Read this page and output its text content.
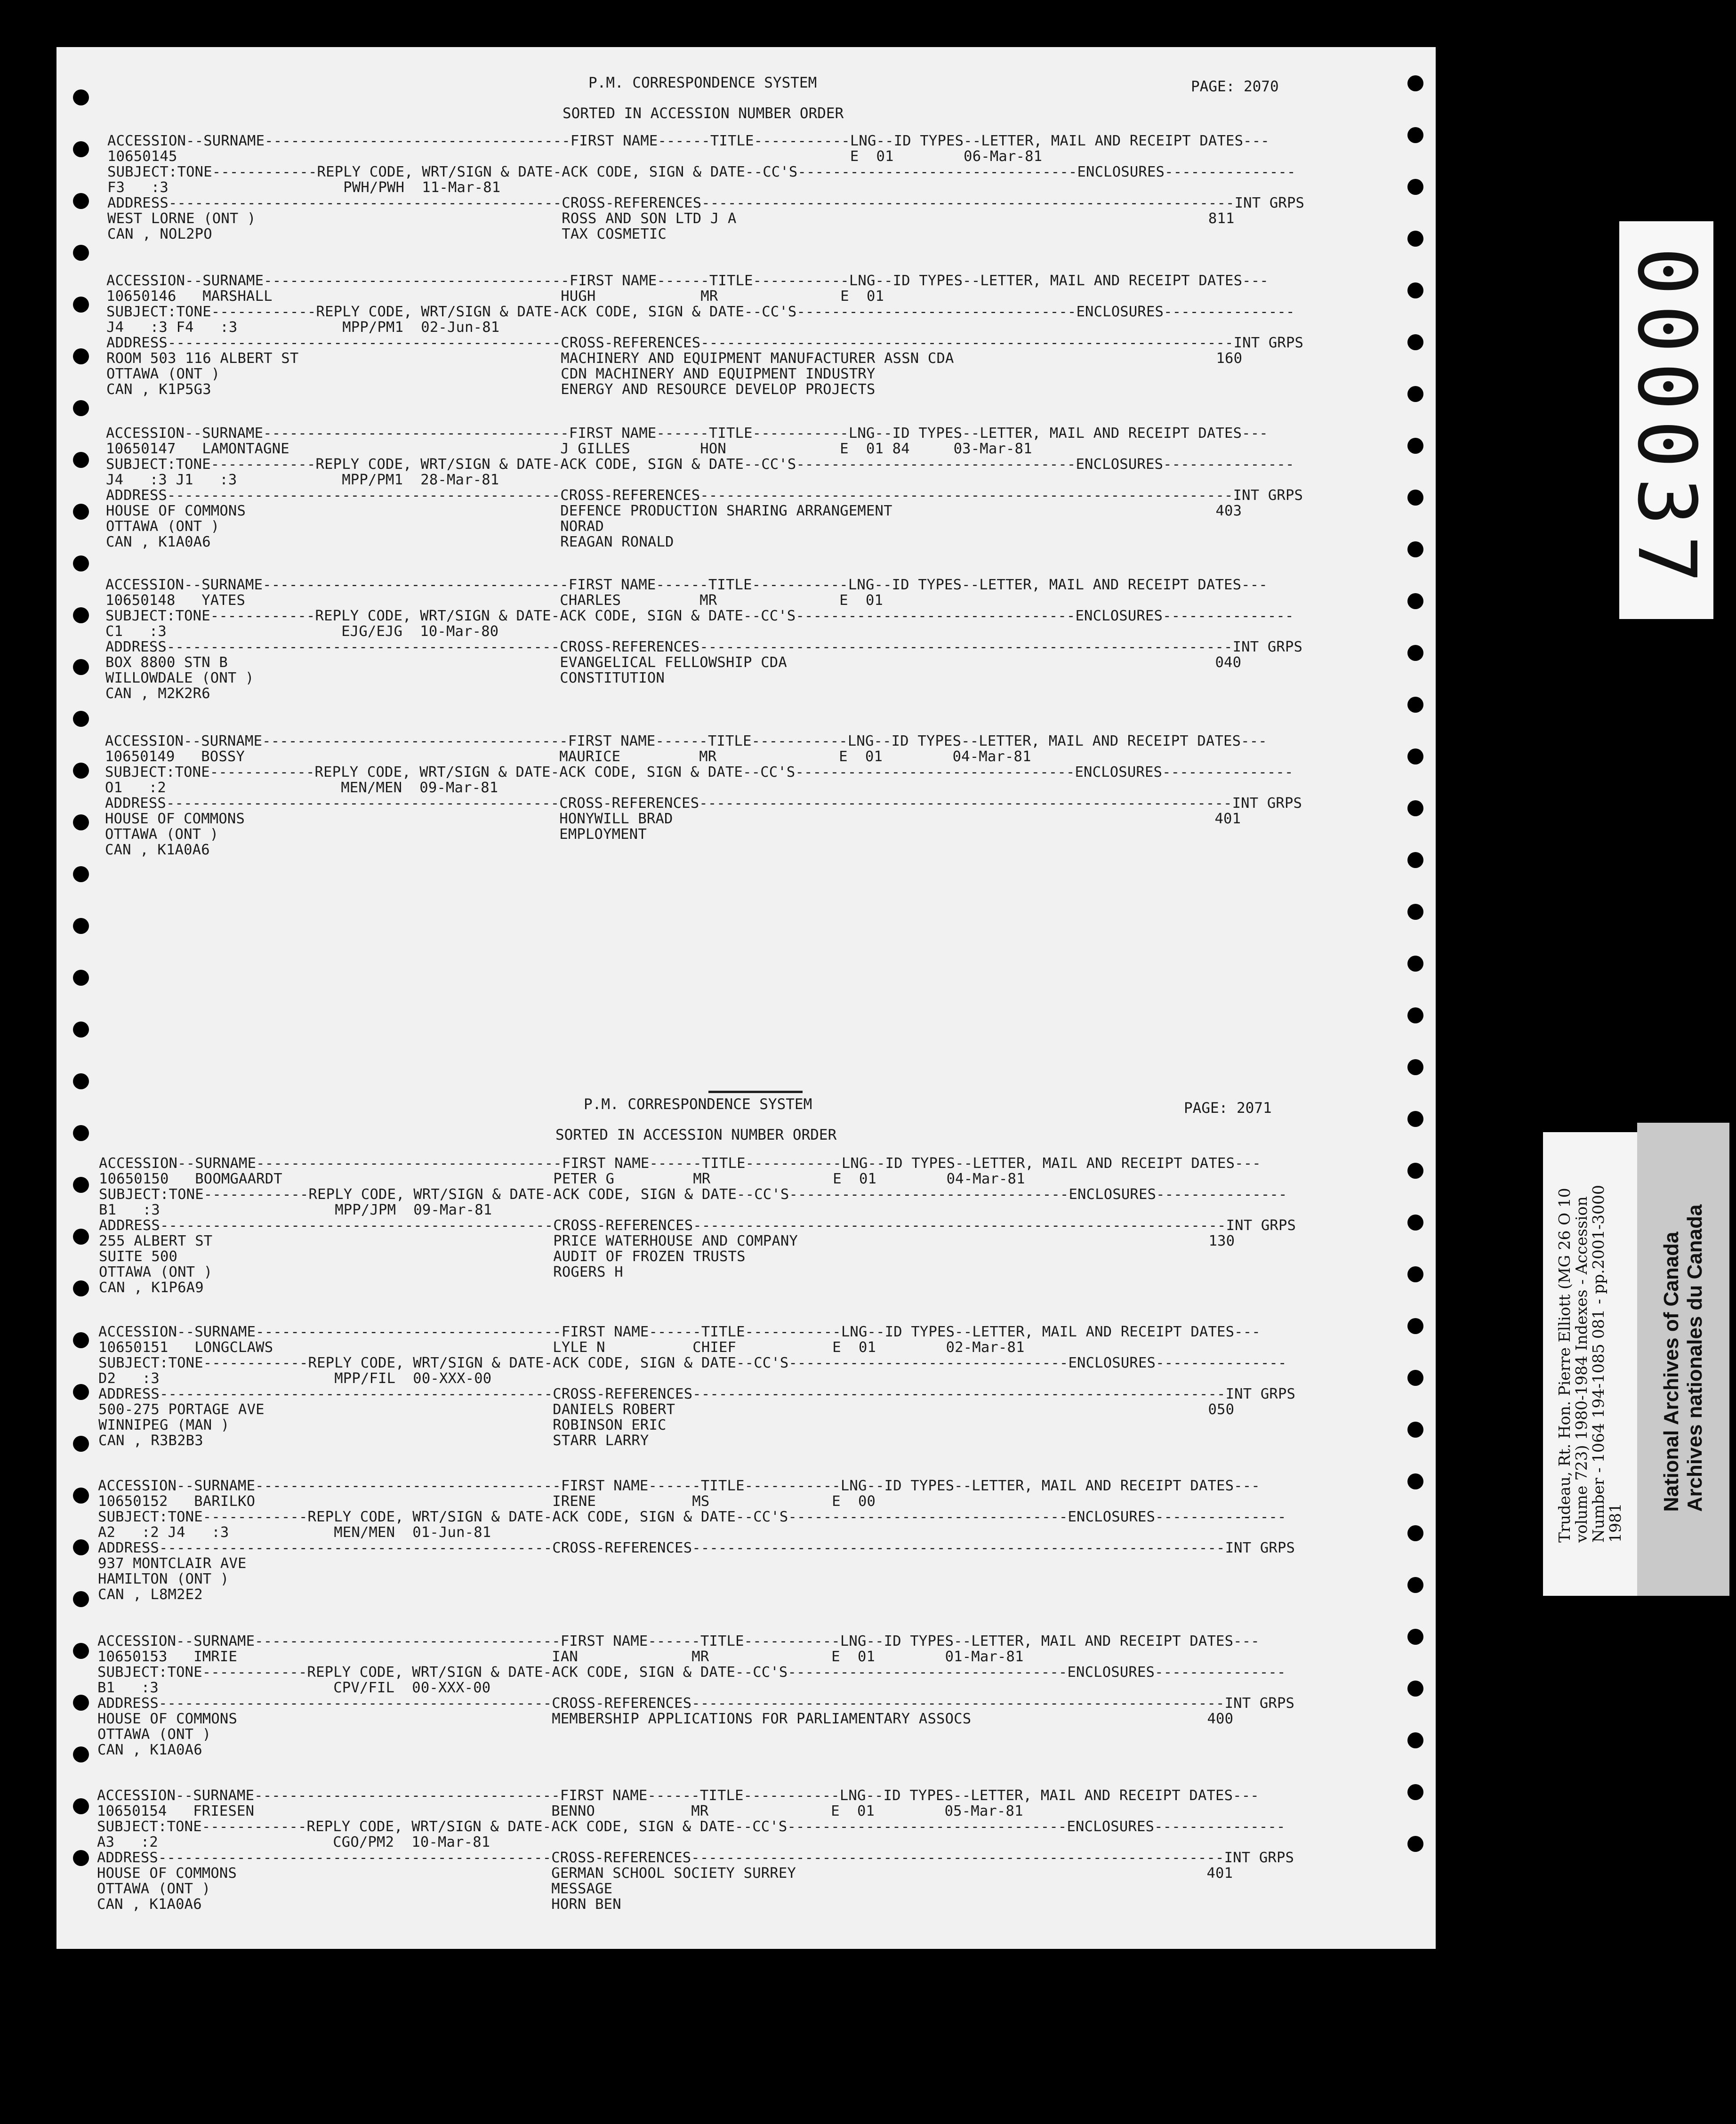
P.M. CORRESPONDENCE SYSTEM	PAGE: 2070
SORTED IN ACCESSION NUMBER ORDER
P.M. CORRESPONDENCE SYSTEM	PAGE: 2071
SORTED IN ACCESSION NUMBER ORDER
ACCESSION--SURNAME-----------------------------------FIRST NAME------TITLE-----------LNG--ID TYPES--LETTER, MAIL AND RECEIPT DATES---
10650145                                                                             E  01        06-Mar-81
SUBJECT:TONE------------REPLY CODE, WRT/SIGN & DATE-ACK CODE, SIGN & DATE--CC'S--------------------------------ENCLOSURES---------------
F3   :3                    PWH/PWH  11-Mar-81
ADDRESS---------------------------------------------CROSS-REFERENCES-------------------------------------------------------------INT GRPS
WEST LORNE (ONT )                                   ROSS AND SON LTD J A                                                      811
CAN , NOL2PO                                        TAX COSMETIC
ACCESSION--SURNAME-----------------------------------FIRST NAME------TITLE-----------LNG--ID TYPES--LETTER, MAIL AND RECEIPT DATES---
10650146   MARSHALL                                 HUGH            MR              E  01
SUBJECT:TONE------------REPLY CODE, WRT/SIGN & DATE-ACK CODE, SIGN & DATE--CC'S--------------------------------ENCLOSURES---------------
J4   :3 F4   :3            MPP/PM1  02-Jun-81
ADDRESS---------------------------------------------CROSS-REFERENCES-------------------------------------------------------------INT GRPS
ROOM 503 116 ALBERT ST                              MACHINERY AND EQUIPMENT MANUFACTURER ASSN CDA                              160
OTTAWA (ONT )                                       CDN MACHINERY AND EQUIPMENT INDUSTRY
CAN , K1P5G3                                        ENERGY AND RESOURCE DEVELOP PROJECTS
ACCESSION--SURNAME-----------------------------------FIRST NAME------TITLE-----------LNG--ID TYPES--LETTER, MAIL AND RECEIPT DATES---
10650147   LAMONTAGNE                               J GILLES        HON             E  01 84     03-Mar-81
SUBJECT:TONE------------REPLY CODE, WRT/SIGN & DATE-ACK CODE, SIGN & DATE--CC'S--------------------------------ENCLOSURES---------------
J4   :3 J1   :3            MPP/PM1  28-Mar-81
ADDRESS---------------------------------------------CROSS-REFERENCES-------------------------------------------------------------INT GRPS
HOUSE OF COMMONS                                    DEFENCE PRODUCTION SHARING ARRANGEMENT                                     403
OTTAWA (ONT )                                       NORAD
CAN , K1A0A6                                        REAGAN RONALD
ACCESSION--SURNAME-----------------------------------FIRST NAME------TITLE-----------LNG--ID TYPES--LETTER, MAIL AND RECEIPT DATES---
10650148   YATES                                    CHARLES         MR              E  01
SUBJECT:TONE------------REPLY CODE, WRT/SIGN & DATE-ACK CODE, SIGN & DATE--CC'S--------------------------------ENCLOSURES---------------
C1   :3                    EJG/EJG  10-Mar-80
ADDRESS---------------------------------------------CROSS-REFERENCES-------------------------------------------------------------INT GRPS
BOX 8800 STN B                                      EVANGELICAL FELLOWSHIP CDA                                                 040
WILLOWDALE (ONT )                                   CONSTITUTION
CAN , M2K2R6
ACCESSION--SURNAME-----------------------------------FIRST NAME------TITLE-----------LNG--ID TYPES--LETTER, MAIL AND RECEIPT DATES---
10650149   BOSSY                                    MAURICE         MR              E  01        04-Mar-81
SUBJECT:TONE------------REPLY CODE, WRT/SIGN & DATE-ACK CODE, SIGN & DATE--CC'S--------------------------------ENCLOSURES---------------
O1   :2                    MEN/MEN  09-Mar-81
ADDRESS---------------------------------------------CROSS-REFERENCES-------------------------------------------------------------INT GRPS
HOUSE OF COMMONS                                    HONYWILL BRAD                                                              401
OTTAWA (ONT )                                       EMPLOYMENT
CAN , K1A0A6
ACCESSION--SURNAME-----------------------------------FIRST NAME------TITLE-----------LNG--ID TYPES--LETTER, MAIL AND RECEIPT DATES---
10650150   BOOMGAARDT                               PETER G         MR              E  01        04-Mar-81
SUBJECT:TONE------------REPLY CODE, WRT/SIGN & DATE-ACK CODE, SIGN & DATE--CC'S--------------------------------ENCLOSURES---------------
B1   :3                    MPP/JPM  09-Mar-81
ADDRESS---------------------------------------------CROSS-REFERENCES-------------------------------------------------------------INT GRPS
255 ALBERT ST                                       PRICE WATERHOUSE AND COMPANY                                               130
SUITE 500                                           AUDIT OF FROZEN TRUSTS
OTTAWA (ONT )                                       ROGERS H
CAN , K1P6A9
ACCESSION--SURNAME-----------------------------------FIRST NAME------TITLE-----------LNG--ID TYPES--LETTER, MAIL AND RECEIPT DATES---
10650151   LONGCLAWS                                LYLE N          CHIEF           E  01        02-Mar-81
SUBJECT:TONE------------REPLY CODE, WRT/SIGN & DATE-ACK CODE, SIGN & DATE--CC'S--------------------------------ENCLOSURES---------------
D2   :3                    MPP/FIL  00-XXX-00
ADDRESS---------------------------------------------CROSS-REFERENCES-------------------------------------------------------------INT GRPS
500-275 PORTAGE AVE                                 DANIELS ROBERT                                                             050
WINNIPEG (MAN )                                     ROBINSON ERIC
CAN , R3B2B3                                        STARR LARRY
ACCESSION--SURNAME-----------------------------------FIRST NAME------TITLE-----------LNG--ID TYPES--LETTER, MAIL AND RECEIPT DATES---
10650152   BARILKO                                  IRENE           MS              E  00
SUBJECT:TONE------------REPLY CODE, WRT/SIGN & DATE-ACK CODE, SIGN & DATE--CC'S--------------------------------ENCLOSURES---------------
A2   :2 J4   :3            MEN/MEN  01-Jun-81
ADDRESS---------------------------------------------CROSS-REFERENCES-------------------------------------------------------------INT GRPS
937 MONTCLAIR AVE
HAMILTON (ONT )
CAN , L8M2E2
ACCESSION--SURNAME-----------------------------------FIRST NAME------TITLE-----------LNG--ID TYPES--LETTER, MAIL AND RECEIPT DATES---
10650153   IMRIE                                    IAN             MR              E  01        01-Mar-81
SUBJECT:TONE------------REPLY CODE, WRT/SIGN & DATE-ACK CODE, SIGN & DATE--CC'S--------------------------------ENCLOSURES---------------
B1   :3                    CPV/FIL  00-XXX-00
ADDRESS---------------------------------------------CROSS-REFERENCES-------------------------------------------------------------INT GRPS
HOUSE OF COMMONS                                    MEMBERSHIP APPLICATIONS FOR PARLIAMENTARY ASSOCS                           400
OTTAWA (ONT )
CAN , K1A0A6
ACCESSION--SURNAME-----------------------------------FIRST NAME------TITLE-----------LNG--ID TYPES--LETTER, MAIL AND RECEIPT DATES---
10650154   FRIESEN                                  BENNO           MR              E  01        05-Mar-81
SUBJECT:TONE------------REPLY CODE, WRT/SIGN & DATE-ACK CODE, SIGN & DATE--CC'S--------------------------------ENCLOSURES---------------
A3   :2                    CGO/PM2  10-Mar-81
ADDRESS---------------------------------------------CROSS-REFERENCES-------------------------------------------------------------INT GRPS
HOUSE OF COMMONS                                    GERMAN SCHOOL SOCIETY SURREY                                               401
OTTAWA (ONT )                                       MESSAGE
CAN , K1A0A6                                        HORN BEN
000037
Trudeau, Rt. Hon. Pierre Elliott (MG 26 O 10
volume 723) 1980-1984 Indexes - Accession
Number - 1064 194-1085 081 - pp.2001-3000
1981
National Archives of Canada
Archives nationales du Canada
